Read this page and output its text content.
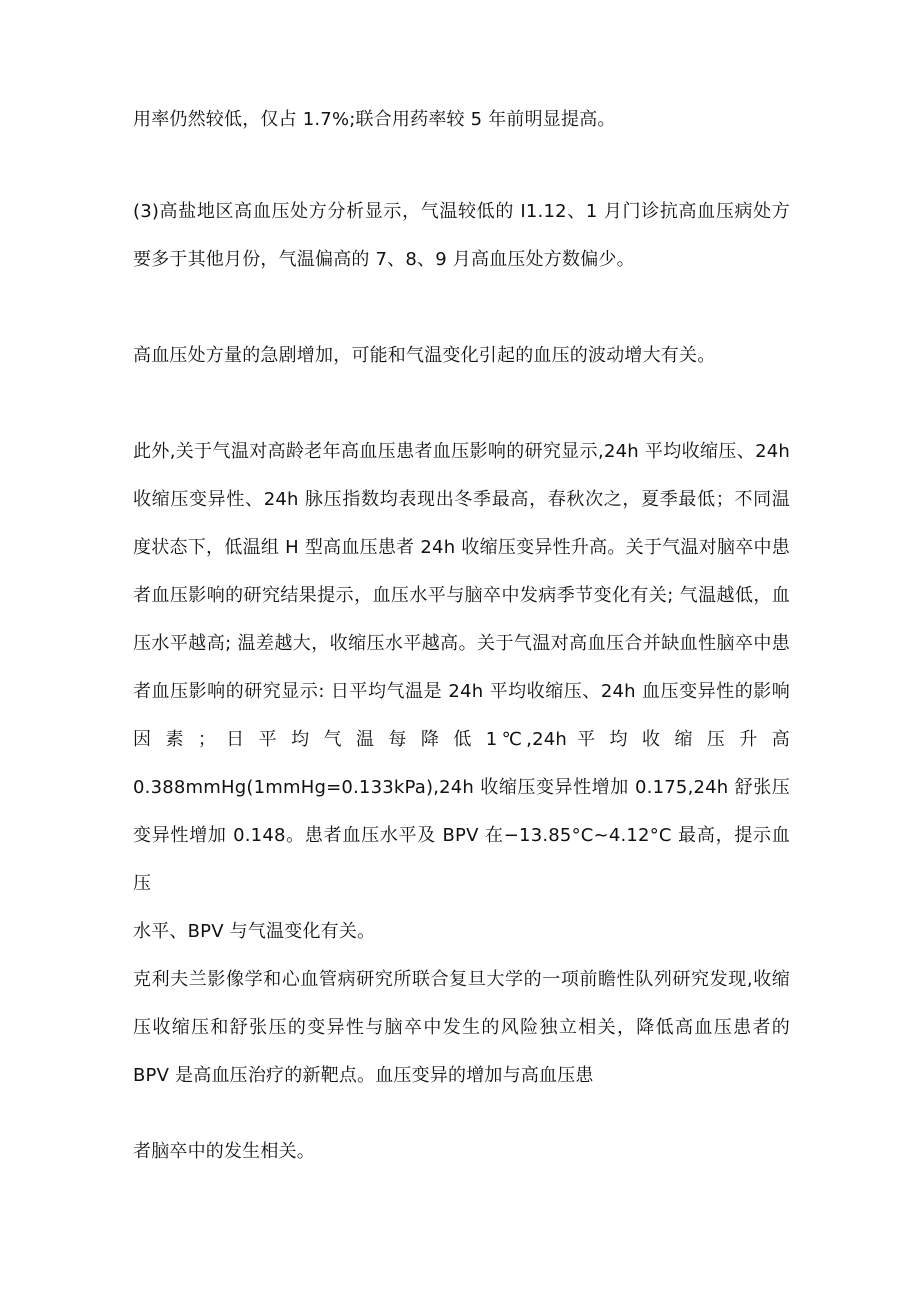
用率仍然较低，仅占 1.7%;联合用药率较 5 年前明显提高。

(3)高盐地区高血压处方分析显示，气温较低的 I1.12、1 月门诊抗高血压病处方
要多于其他月份，气温偏高的 7、8、9 月高血压处方数偏少。

高血压处方量的急剧增加，可能和气温变化引起的血压的波动增大有关。

此外,关于气温对高龄老年高血压患者血压影响的研究显示,24h 平均收缩压、24h
收缩压变异性、24h 脉压指数均表现出冬季最高，春秋次之，夏季最低；不同温
度状态下，低温组 H 型高血压患者 24h 收缩压变异性升高。关于气温对脑卒中患
者血压影响的研究结果提示，血压水平与脑卒中发病季节变化有关; 气温越低，血
压水平越高; 温差越大，收缩压水平越高。关于气温对高血压合并缺血性脑卒中患
者血压影响的研究显示: 日平均气温是 24h 平均收缩压、24h 血压变异性的影响
因 素 ； 日 平 均 气 温 每 降 低 1℃,24h 平 均 收 缩 压 升 高
0.388mmHg(1mmHg=0.133kPa),24h 收缩压变异性增加 0.175,24h 舒张压
变异性增加 0.148。患者血压水平及 BPV 在−13.85°C~4.12°C 最高，提示血压
水平、BPV 与气温变化有关。

克利夫兰影像学和心血管病研究所联合复旦大学的一项前瞻性队列研究发现,收缩
压收缩压和舒张压的变异性与脑卒中发生的风险独立相关，降低高血压患者的
BPV 是高血压治疗的新靶点。血压变异的增加与高血压患

者脑卒中的发生相关。
